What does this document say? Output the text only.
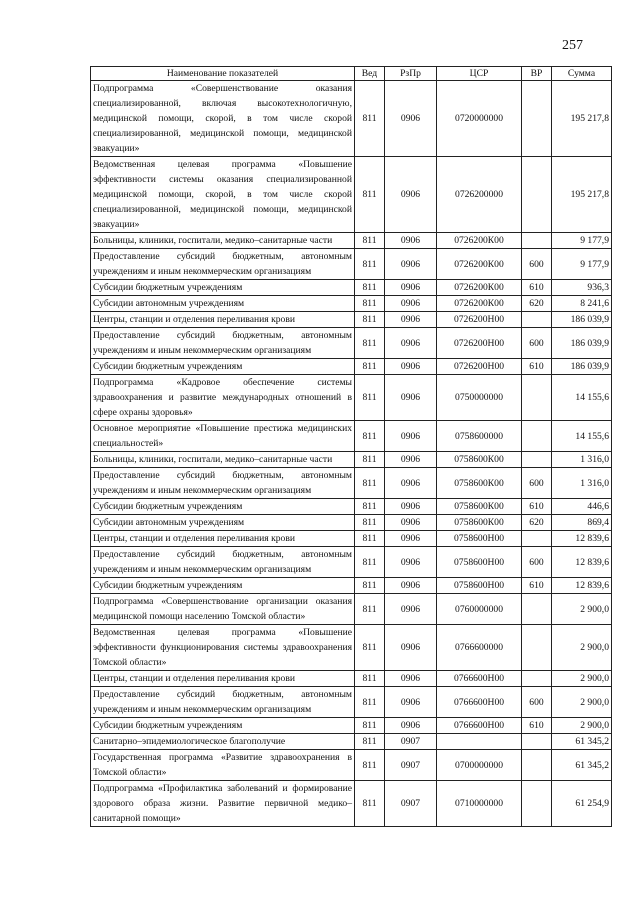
257
Наименование показателей	Вед	РзПр	ЦСР	ВР	Сумма
Подпрограмма «Совершенствование оказания специализированной, включая высокотехнологичную, медицинской помощи, скорой, в том числе скорой специализированной, медицинской помощи, медицинской эвакуации»	811	0906	0720000000		195 217,8
Ведомственная целевая программа «Повышение эффективности системы оказания специализированной медицинской помощи, скорой, в том числе скорой специализированной, медицинской помощи, медицинской эвакуации»	811	0906	0726200000		195 217,8
Больницы, клиники, госпитали, медико–санитарные части	811	0906	0726200К00		9 177,9
Предоставление субсидий бюджетным, автономным учреждениям и иным некоммерческим организациям	811	0906	0726200К00	600	9 177,9
Субсидии бюджетным учреждениям	811	0906	0726200К00	610	936,3
Субсидии автономным учреждениям	811	0906	0726200К00	620	8 241,6
Центры, станции и отделения переливания крови	811	0906	0726200Н00		186 039,9
Предоставление субсидий бюджетным, автономным учреждениям и иным некоммерческим организациям	811	0906	0726200Н00	600	186 039,9
Субсидии бюджетным учреждениям	811	0906	0726200Н00	610	186 039,9
Подпрограмма «Кадровое обеспечение системы здравоохранения и развитие международных отношений в сфере охраны здоровья»	811	0906	0750000000		14 155,6
Основное мероприятие «Повышение престижа медицинских специальностей»	811	0906	0758600000		14 155,6
Больницы, клиники, госпитали, медико–санитарные части	811	0906	0758600К00		1 316,0
Предоставление субсидий бюджетным, автономным учреждениям и иным некоммерческим организациям	811	0906	0758600К00	600	1 316,0
Субсидии бюджетным учреждениям	811	0906	0758600К00	610	446,6
Субсидии автономным учреждениям	811	0906	0758600К00	620	869,4
Центры, станции и отделения переливания крови	811	0906	0758600Н00		12 839,6
Предоставление субсидий бюджетным, автономным учреждениям и иным некоммерческим организациям	811	0906	0758600Н00	600	12 839,6
Субсидии бюджетным учреждениям	811	0906	0758600Н00	610	12 839,6
Подпрограмма «Совершенствование организации оказания медицинской помощи населению Томской области»	811	0906	0760000000		2 900,0
Ведомственная целевая программа «Повышение эффективности функционирования системы здравоохранения Томской области»	811	0906	0766600000		2 900,0
Центры, станции и отделения переливания крови	811	0906	0766600Н00		2 900,0
Предоставление субсидий бюджетным, автономным учреждениям и иным некоммерческим организациям	811	0906	0766600Н00	600	2 900,0
Субсидии бюджетным учреждениям	811	0906	0766600Н00	610	2 900,0
Санитарно–эпидемиологическое благополучие	811	0907			61 345,2
Государственная программа «Развитие здравоохранения в Томской области»	811	0907	0700000000		61 345,2
Подпрограмма «Профилактика заболеваний и формирование здорового образа жизни. Развитие первичной медико–санитарной помощи»	811	0907	0710000000		61 254,9
